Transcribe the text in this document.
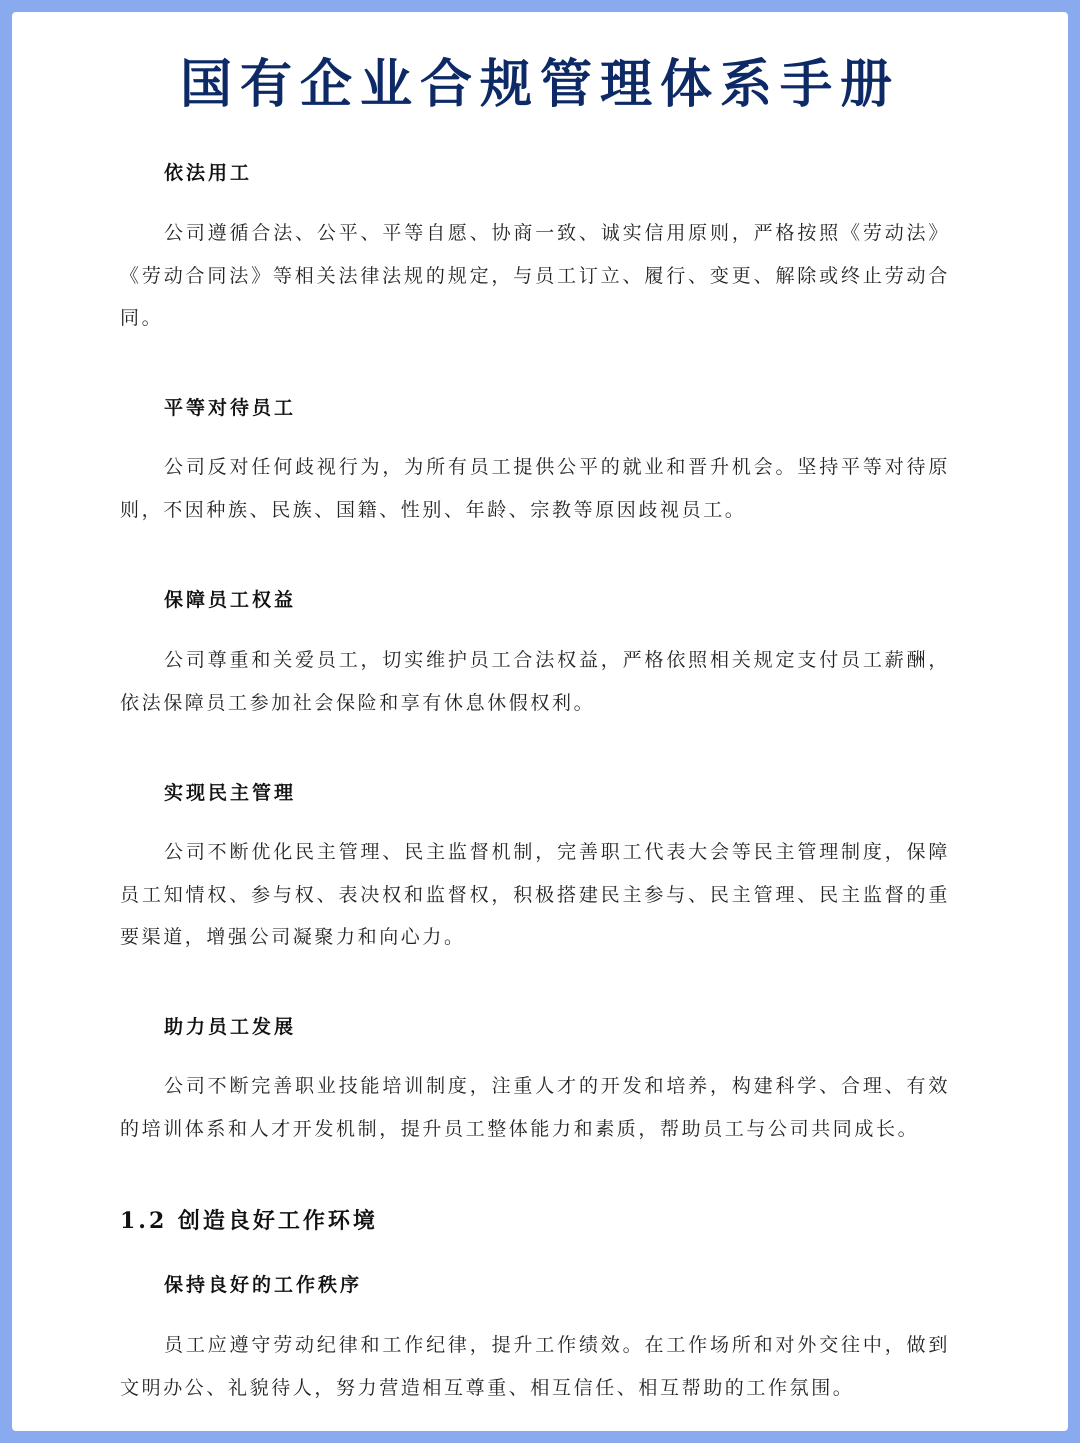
国有企业合规管理体系手册
依法用工
公司遵循合法、公平、平等自愿、协商一致、诚实信用原则，严格按照《劳动法》《劳动合同法》等相关法律法规的规定，与员工订立、履行、变更、解除或终止劳动合同。
平等对待员工
公司反对任何歧视行为，为所有员工提供公平的就业和晋升机会。坚持平等对待原则，不因种族、民族、国籍、性别、年龄、宗教等原因歧视员工。
保障员工权益
公司尊重和关爱员工，切实维护员工合法权益，严格依照相关规定支付员工薪酬，依法保障员工参加社会保险和享有休息休假权利。
实现民主管理
公司不断优化民主管理、民主监督机制，完善职工代表大会等民主管理制度，保障员工知情权、参与权、表决权和监督权，积极搭建民主参与、民主管理、民主监督的重要渠道，增强公司凝聚力和向心力。
助力员工发展
公司不断完善职业技能培训制度，注重人才的开发和培养，构建科学、合理、有效的培训体系和人才开发机制，提升员工整体能力和素质，帮助员工与公司共同成长。
1.2 创造良好工作环境
保持良好的工作秩序
员工应遵守劳动纪律和工作纪律，提升工作绩效。在工作场所和对外交往中，做到文明办公、礼貌待人，努力营造相互尊重、相互信任、相互帮助的工作氛围。
